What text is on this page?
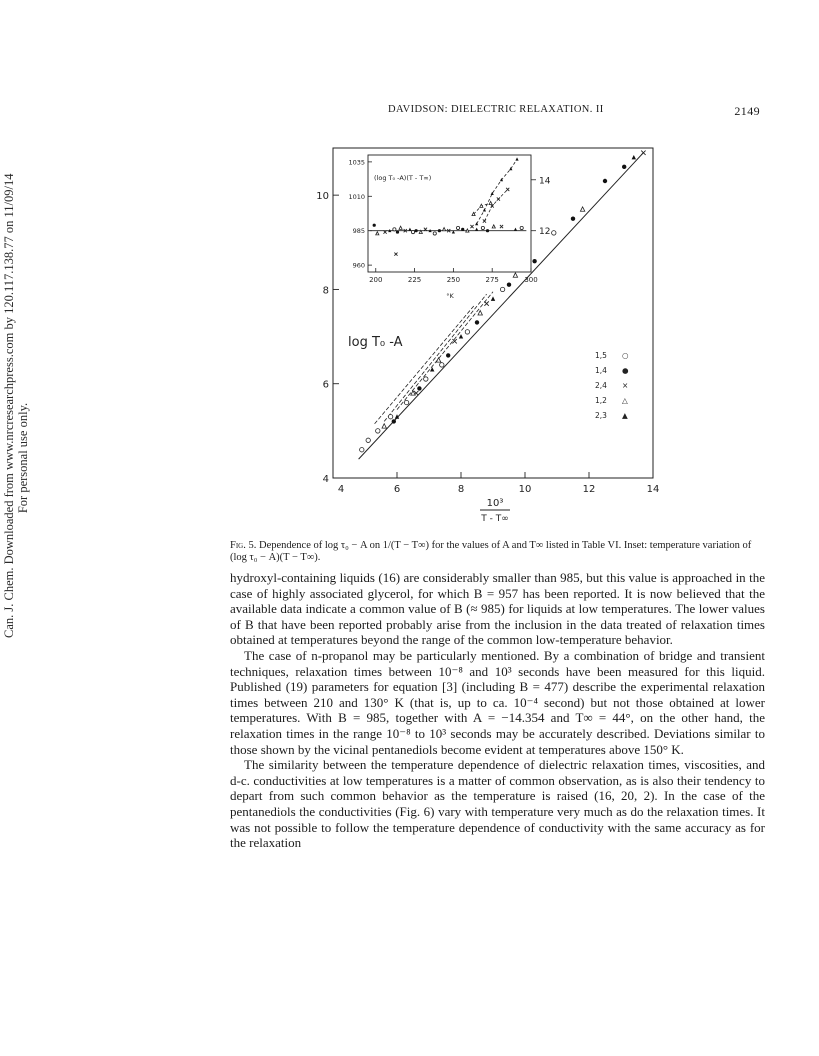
Can. J. Chem. Downloaded from www.nrcresearchpress.com by 120.117.138.77 on 11/09/14 For personal use only.
DAVIDSON: DIELECTRIC RELAXATION. II	2149
4	6	8	10	12	14
4
6
8
10
log T₀ -A
10³
T - T∞
1,5 ○
1,4 ●
2,4 ×
1,2 △
2,3 ▲
200	225	250	275	300
960
985
1010
1035
12
14
(log T₀ -A)(T - T∞)
°K
Fig. 5. Dependence of log τ₀ − A on 1/(T − T∞) for the values of A and T∞ listed in Table VI. Inset: temperature variation of (log τ₀ − A)(T − T∞).

hydroxyl-containing liquids (16) are considerably smaller than 985, but this value is approached in the case of highly associated glycerol, for which B = 957 has been reported. It is now believed that the available data indicate a common value of B (≈ 985) for liquids at low temperatures. The lower values of B that have been reported probably arise from the inclusion in the data treated of relaxation times obtained at temperatures beyond the range of the common low-temperature behavior.

The case of n-propanol may be particularly mentioned. By a combination of bridge and transient techniques, relaxation times between 10⁻⁸ and 10³ seconds have been measured for this liquid. Published (19) parameters for equation [3] (including B = 477) describe the experimental relaxation times between 210 and 130° K (that is, up to ca. 10⁻⁴ second) but not those obtained at lower temperatures. With B = 985, together with A = −14.354 and T∞ = 44°, on the other hand, the relaxation times in the range 10⁻⁸ to 10³ seconds may be accurately described. Deviations similar to those shown by the vicinal pentanediols become evident at temperatures above 150° K.

The similarity between the temperature dependence of dielectric relaxation times, viscosities, and d-c. conductivities at low temperatures is a matter of common observation, as is also their tendency to depart from such common behavior as the temperature is raised (16, 20, 2). In the case of the pentanediols the conductivities (Fig. 6) vary with temperature very much as do the relaxation times. It was not possible to follow the temperature dependence of conductivity with the same accuracy as for the relaxation
